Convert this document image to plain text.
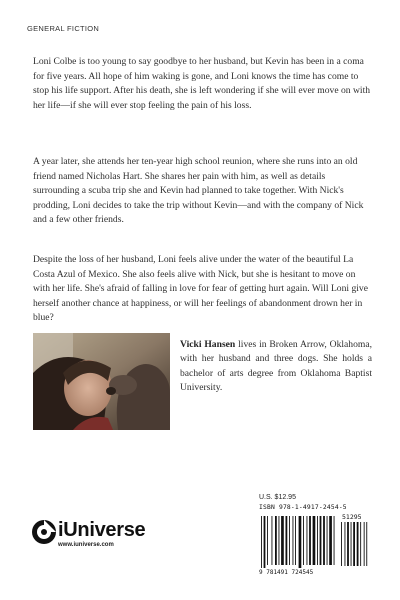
GENERAL FICTION

Loni Colbe is too young to say goodbye to her husband, but Kevin has been in a coma for five years. All hope of him waking is gone, and Loni knows the time has come to stop his life support. After his death, she is left wondering if she will ever move on with her life—if she will ever stop feeling the pain of his loss.

A year later, she attends her ten-year high school reunion, where she runs into an old friend named Nicholas Hart. She shares her pain with him, as well as details surrounding a scuba trip she and Kevin had planned to take together. With Nick's prodding, Loni decides to take the trip without Kevin—and with the company of Nick and a few other friends.

Despite the loss of her husband, Loni feels alive under the water of the beautiful La Costa Azul of Mexico. She also feels alive with Nick, but she is hesitant to move on with her life. She's afraid of falling in love for fear of getting hurt again. Will Loni give herself another chance at happiness, or will her feelings of abandonment drown her in blue?

Vicki Hansen lives in Broken Arrow, Oklahoma, with her husband and three dogs. She holds a bachelor of arts degree from Oklahoma Baptist University.

U.S. $12.95
ISBN 978-1-4917-2454-5
51295
9 781491 724545
iUniverse
www.iuniverse.com
